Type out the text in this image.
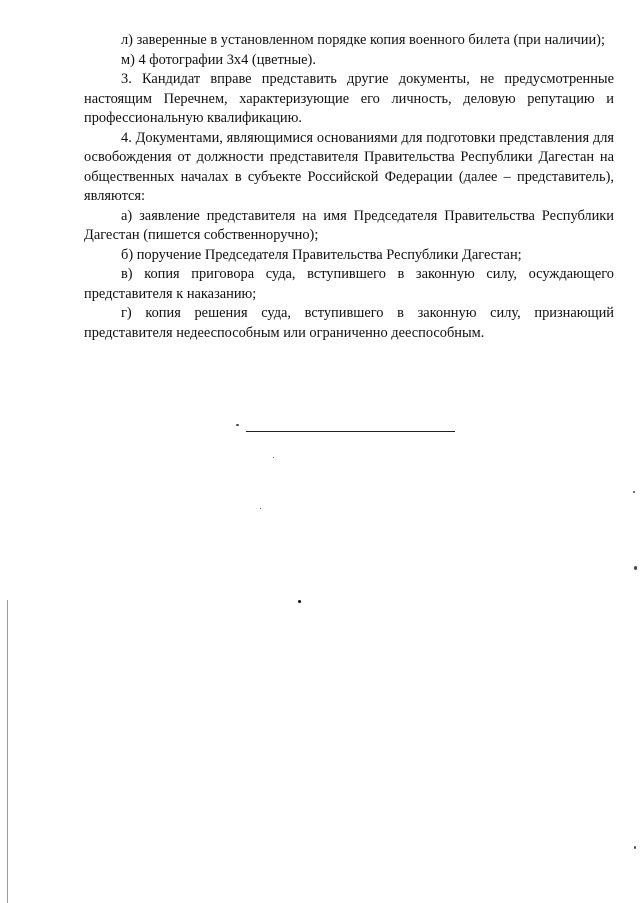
л) заверенные в установленном порядке копия военного билета (при наличии);

м) 4 фотографии 3х4 (цветные).

3. Кандидат вправе представить другие документы, не предусмотренные настоящим Перечнем, характеризующие его личность, деловую репутацию и профессиональную квалификацию.

4. Документами, являющимися основаниями для подготовки представления для освобождения от должности представителя Правительства Республики Дагестан на общественных началах в субъекте Российской Федерации (далее – представитель), являются:

а) заявление представителя на имя Председателя Правительства Республики Дагестан (пишется собственноручно);

б) поручение Председателя Правительства Республики Дагестан;

в) копия приговора суда, вступившего в законную силу, осуждающего представителя к наказанию;

г) копия решения суда, вступившего в законную силу, признающий представителя недееспособным или ограниченно дееспособным.
